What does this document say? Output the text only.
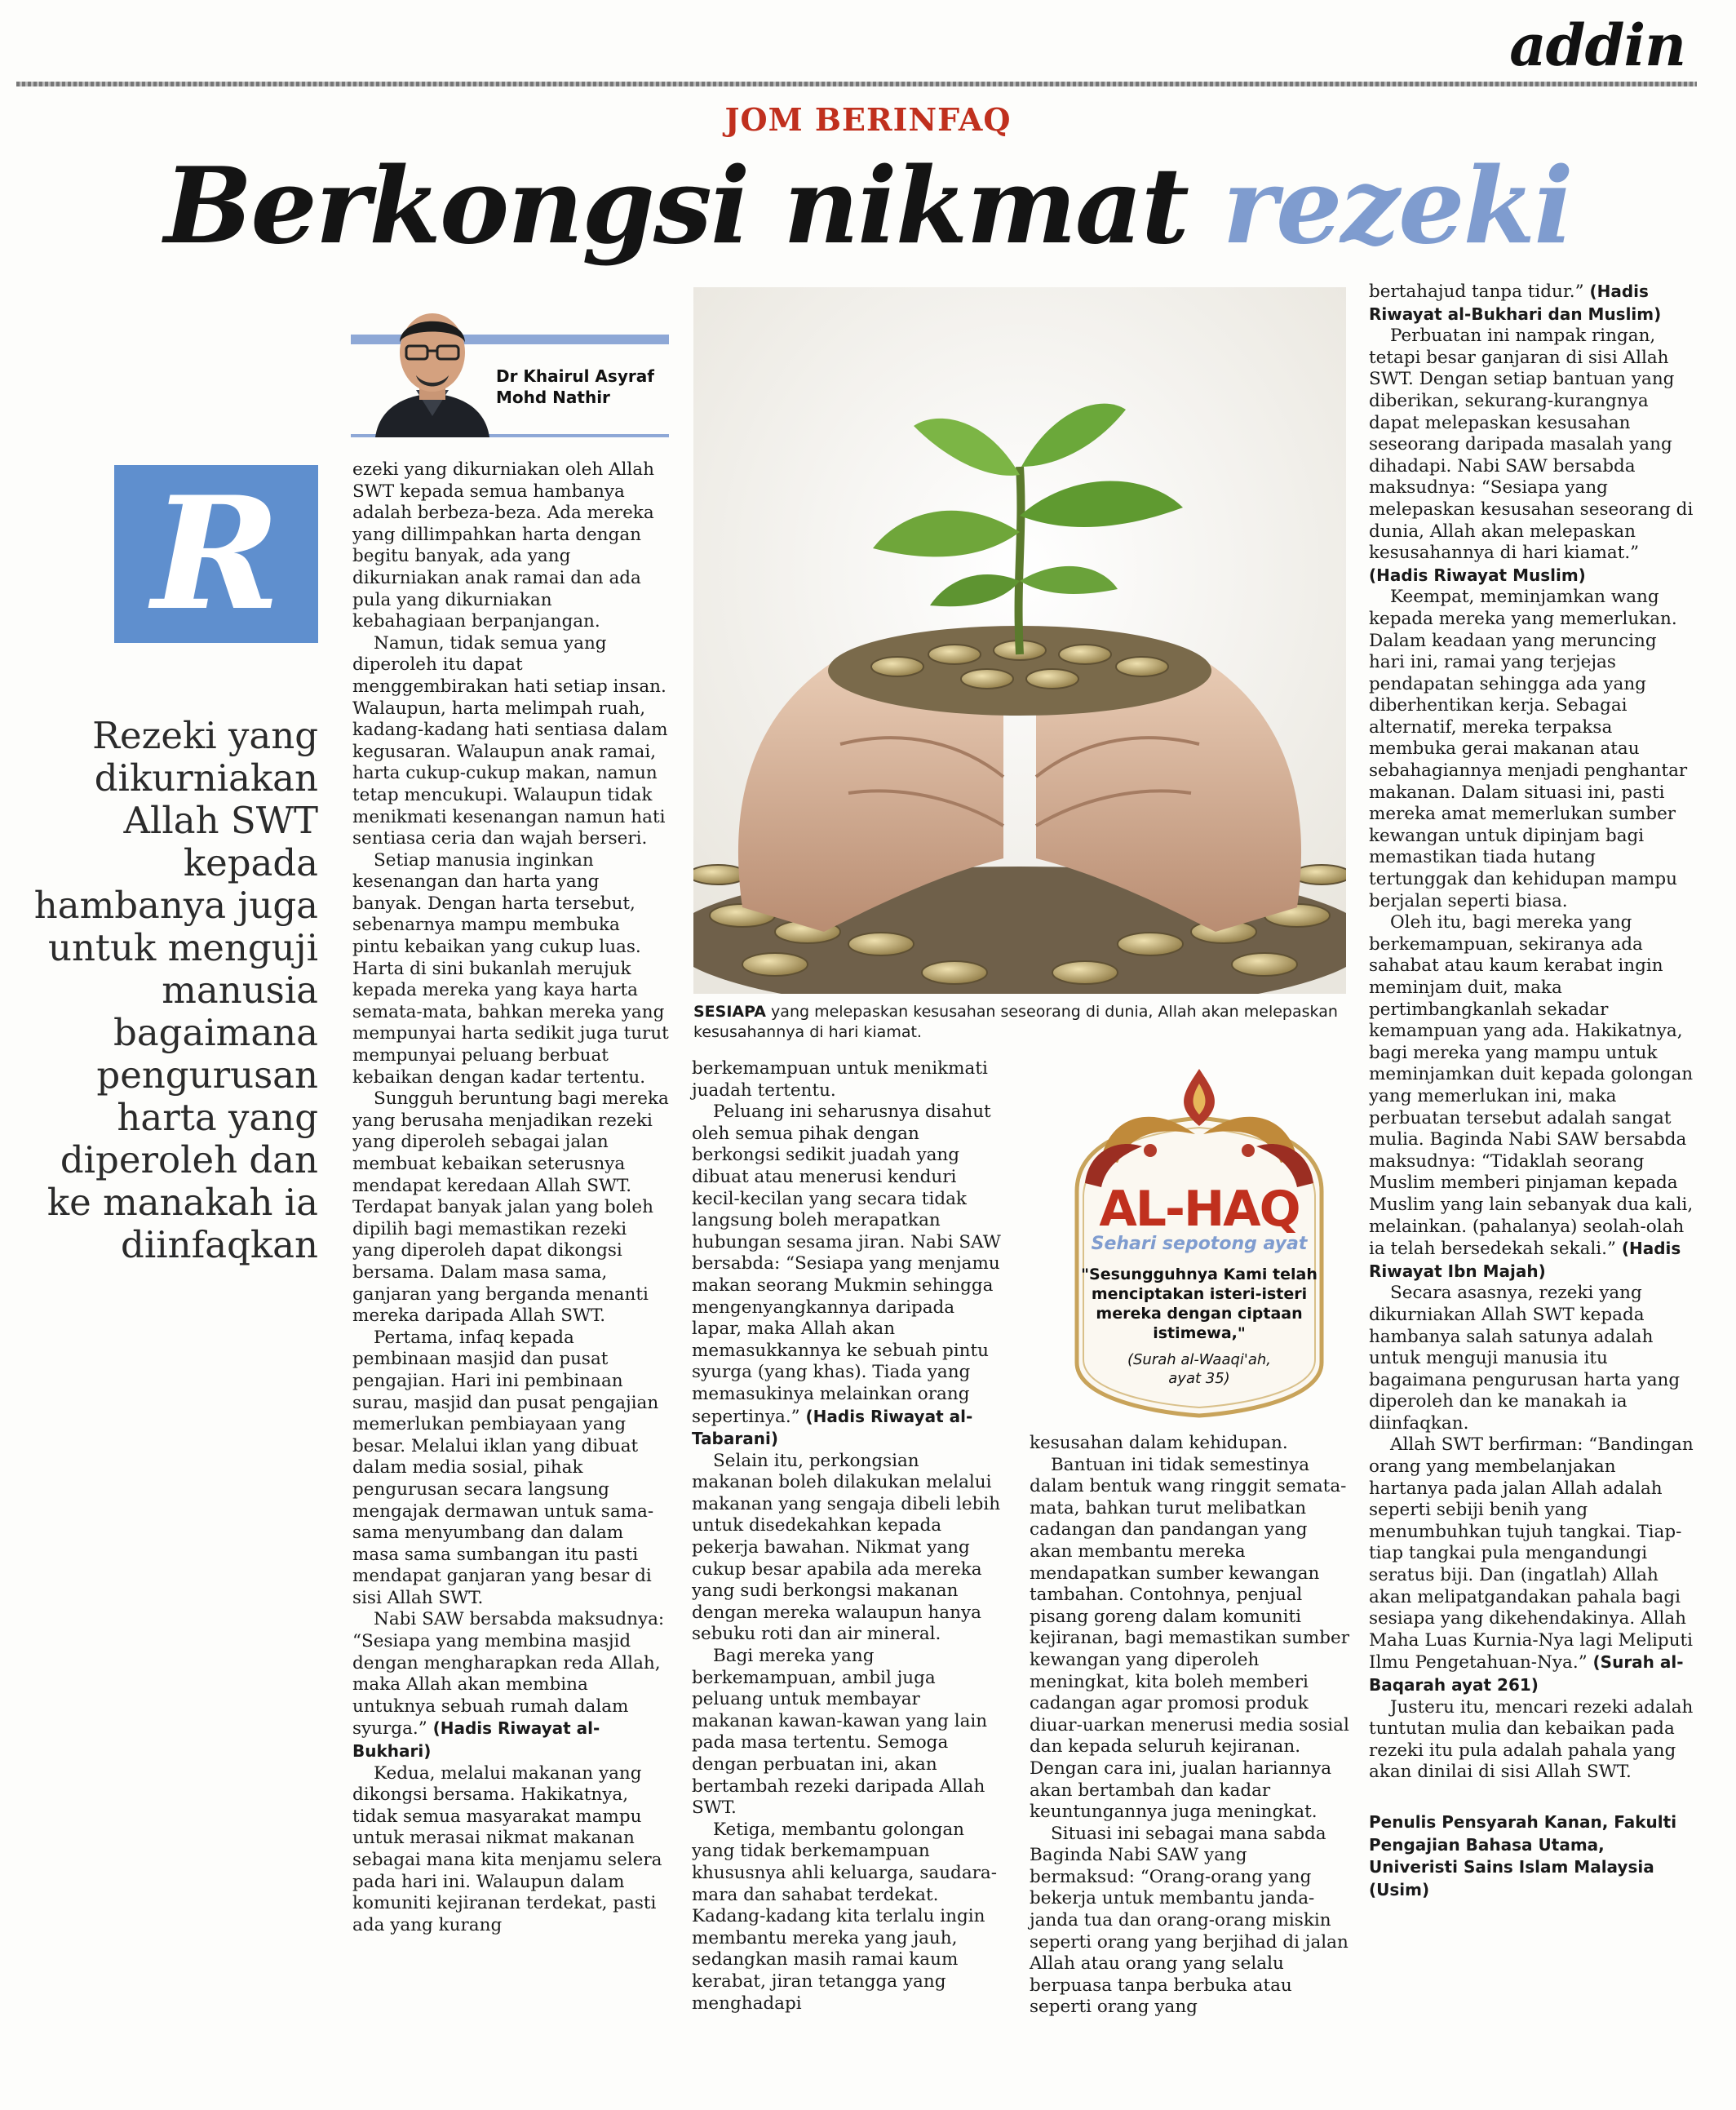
addin
JOM BERINFAQ
Berkongsi nikmat rezeki
Dr Khairul Asyraf
Mohd Nathir
R
Rezeki yang dikurniakan Allah SWT kepada hambanya juga untuk menguji manusia bagaimana pengurusan harta yang diperoleh dan ke manakah ia diinfaqkan

ezeki yang dikurniakan oleh Allah SWT kepada semua hambanya adalah berbeza-beza. Ada mereka yang dillimpahkan harta dengan begitu banyak, ada yang dikurniakan anak ramai dan ada pula yang dikurniakan kebahagiaan berpanjangan.

Namun, tidak semua yang diperoleh itu dapat menggembirakan hati setiap insan. Walaupun, harta melimpah ruah, kadang-kadang hati sentiasa dalam kegusaran. Walaupun anak ramai, harta cukup-cukup makan, namun tetap mencukupi. Walaupun tidak menikmati kesenangan namun hati sentiasa ceria dan wajah berseri.

Setiap manusia inginkan kesenangan dan harta yang banyak. Dengan harta tersebut, sebenarnya mampu membuka pintu kebaikan yang cukup luas. Harta di sini bukanlah merujuk kepada mereka yang kaya harta semata-mata, bahkan mereka yang mempunyai harta sedikit juga turut mempunyai peluang berbuat kebaikan dengan kadar tertentu.

Sungguh beruntung bagi mereka yang berusaha menjadikan rezeki yang diperoleh sebagai jalan membuat kebaikan seterusnya mendapat keredaan Allah SWT. Terdapat banyak jalan yang boleh dipilih bagi memastikan rezeki yang diperoleh dapat dikongsi bersama. Dalam masa sama, ganjaran yang berganda menanti mereka daripada Allah SWT.

Pertama, infaq kepada pembinaan masjid dan pusat pengajian. Hari ini pembinaan surau, masjid dan pusat pengajian memerlukan pembiayaan yang besar. Melalui iklan yang dibuat dalam media sosial, pihak pengurusan secara langsung mengajak dermawan untuk sama-sama menyumbang dan dalam masa sama sumbangan itu pasti mendapat ganjaran yang besar di sisi Allah SWT.

Nabi SAW bersabda maksudnya:

“Sesiapa yang membina masjid dengan mengharapkan reda Allah, maka Allah akan membina untuknya sebuah rumah dalam syurga.” (Hadis Riwayat al-Bukhari)

Kedua, melalui makanan yang dikongsi bersama. Hakikatnya, tidak semua masyarakat mampu untuk merasai nikmat makanan sebagai mana kita menjamu selera pada hari ini. Walaupun dalam komuniti kejiranan terdekat, pasti ada yang kurang

SESIAPA yang melepaskan kesusahan seseorang di dunia, Allah akan melepaskan kesusahannya di hari kiamat.
AL-HAQ
Sehari sepotong ayat
"Sesungguhnya Kami telah menciptakan isteri-isteri mereka dengan ciptaan istimewa,"
(Surah al-Waaqi'ah,
ayat 35)

berkemampuan untuk menikmati juadah tertentu.

Peluang ini seharusnya disahut oleh semua pihak dengan berkongsi sedikit juadah yang dibuat atau menerusi kenduri kecil-kecilan yang secara tidak langsung boleh merapatkan hubungan sesama jiran. Nabi SAW bersabda: “Sesiapa yang menjamu makan seorang Mukmin sehingga mengenyangkannya daripada lapar, maka Allah akan memasukkannya ke sebuah pintu syurga (yang khas). Tiada yang memasukinya melainkan orang sepertinya.” (Hadis Riwayat al-Tabarani)

Selain itu, perkongsian makanan boleh dilakukan melalui makanan yang sengaja dibeli lebih untuk disedekahkan kepada pekerja bawahan. Nikmat yang cukup besar apabila ada mereka yang sudi berkongsi makanan dengan mereka walaupun hanya sebuku roti dan air mineral.

Bagi mereka yang berkemampuan, ambil juga peluang untuk membayar makanan kawan-kawan yang lain pada masa tertentu. Semoga dengan perbuatan ini, akan bertambah rezeki daripada Allah SWT.

Ketiga, membantu golongan yang tidak berkemampuan khususnya ahli keluarga, saudara-mara dan sahabat terdekat. Kadang-kadang kita terlalu ingin membantu mereka yang jauh, sedangkan masih ramai kaum kerabat, jiran tetangga yang menghadapi

kesusahan dalam kehidupan.

Bantuan ini tidak semestinya dalam bentuk wang ringgit semata-mata, bahkan turut melibatkan cadangan dan pandangan yang akan membantu mereka mendapatkan sumber kewangan tambahan. Contohnya, penjual pisang goreng dalam komuniti kejiranan, bagi memastikan sumber kewangan yang diperoleh meningkat, kita boleh memberi cadangan agar promosi produk diuar-uarkan menerusi media sosial dan kepada seluruh kejiranan. Dengan cara ini, jualan hariannya akan bertambah dan kadar keuntungannya juga meningkat.

Situasi ini sebagai mana sabda Baginda Nabi SAW yang bermaksud: “Orang-orang yang bekerja untuk membantu janda-janda tua dan orang-orang miskin seperti orang yang berjihad di jalan Allah atau orang yang selalu berpuasa tanpa berbuka atau seperti orang yang

bertahajud tanpa tidur.” (Hadis Riwayat al-Bukhari dan Muslim)

Perbuatan ini nampak ringan, tetapi besar ganjaran di sisi Allah SWT. Dengan setiap bantuan yang diberikan, sekurang-kurangnya dapat melepaskan kesusahan seseorang daripada masalah yang dihadapi. Nabi SAW bersabda maksudnya: “Sesiapa yang melepaskan kesusahan seseorang di dunia, Allah akan melepaskan kesusahannya di hari kiamat.” (Hadis Riwayat Muslim)

Keempat, meminjamkan wang kepada mereka yang memerlukan. Dalam keadaan yang meruncing hari ini, ramai yang terjejas pendapatan sehingga ada yang diberhentikan kerja. Sebagai alternatif, mereka terpaksa membuka gerai makanan atau sebahagiannya menjadi penghantar makanan. Dalam situasi ini, pasti mereka amat memerlukan sumber kewangan untuk dipinjam bagi memastikan tiada hutang tertunggak dan kehidupan mampu berjalan seperti biasa.

Oleh itu, bagi mereka yang berkemampuan, sekiranya ada sahabat atau kaum kerabat ingin meminjam duit, maka pertimbangkanlah sekadar kemampuan yang ada. Hakikatnya, bagi mereka yang mampu untuk meminjamkan duit kepada golongan yang memerlukan ini, maka perbuatan tersebut adalah sangat mulia. Baginda Nabi SAW bersabda maksudnya: “Tidaklah seorang Muslim memberi pinjaman kepada Muslim yang lain sebanyak dua kali, melainkan. (pahalanya) seolah-olah ia telah bersedekah sekali.” (Hadis Riwayat Ibn Majah)

Secara asasnya, rezeki yang dikurniakan Allah SWT kepada hambanya salah satunya adalah untuk menguji manusia itu bagaimana pengurusan harta yang diperoleh dan ke manakah ia diinfaqkan.

Allah SWT berfirman: “Bandingan orang yang membelanjakan hartanya pada jalan Allah adalah seperti sebiji benih yang menumbuhkan tujuh tangkai. Tiap-tiap tangkai pula mengandungi seratus biji. Dan (ingatlah) Allah akan melipatgandakan pahala bagi sesiapa yang dikehendakinya. Allah Maha Luas Kurnia-Nya lagi Meliputi Ilmu Pengetahuan-Nya.” (Surah al-Baqarah ayat 261)

Justeru itu, mencari rezeki adalah tuntutan mulia dan kebaikan pada rezeki itu pula adalah pahala yang akan dinilai di sisi Allah SWT.

Penulis Pensyarah Kanan, Fakulti Pengajian Bahasa Utama, Univeristi Sains Islam Malaysia (Usim)
